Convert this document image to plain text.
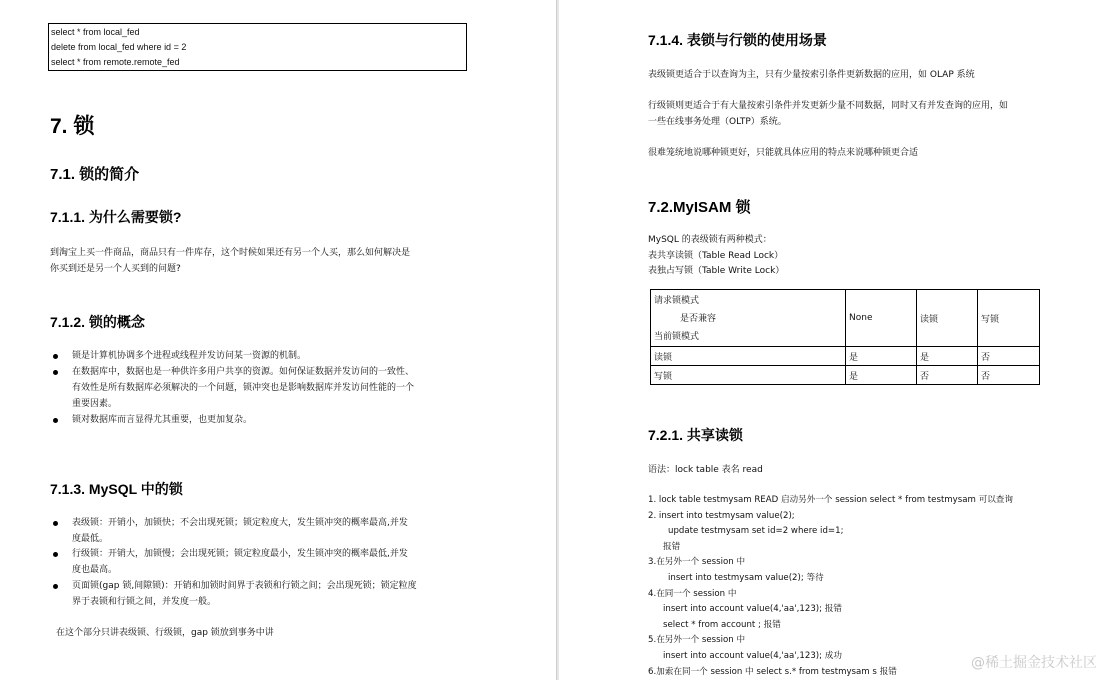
select * from local_fed
delete from local_fed where id = 2
select * from remote.remote_fed
7. 锁
7.1. 锁的简介
7.1.1. 为什么需要锁?
到淘宝上买一件商品，商品只有一件库存，这个时候如果还有另一个人买，那么如何解决是
你买到还是另一个人买到的问题?
7.1.2. 锁的概念
锁是计算机协调多个进程或线程并发访问某一资源的机制。
在数据库中，数据也是一种供许多用户共享的资源。如何保证数据并发访问的一致性、
有效性是所有数据库必须解决的一个问题，锁冲突也是影响数据库并发访问性能的一个
重要因素。
锁对数据库而言显得尤其重要，也更加复杂。
7.1.3. MySQL 中的锁
表级锁：开销小，加锁快；不会出现死锁；锁定粒度大，发生锁冲突的概率最高,并发
度最低。
行级锁：开销大，加锁慢；会出现死锁；锁定粒度最小，发生锁冲突的概率最低,并发
度也最高。
页面锁(gap 锁,间隙锁)：开销和加锁时间界于表锁和行锁之间；会出现死锁；锁定粒度
界于表锁和行锁之间，并发度一般。
在这个部分只讲表级锁、行级锁，gap 锁放到事务中讲
7.1.4. 表锁与行锁的使用场景
表级锁更适合于以查询为主，只有少量按索引条件更新数据的应用，如 OLAP 系统
行级锁则更适合于有大量按索引条件并发更新少量不同数据，同时又有并发查询的应用，如
一些在线事务处理（OLTP）系统。
很难笼统地说哪种锁更好，只能就具体应用的特点来说哪种锁更合适
7.2.MyISAM 锁
MySQL 的表级锁有两种模式：
表共享读锁（Table Read Lock）
表独占写锁（Table Write Lock）
请求锁模式
是否兼容
当前锁模式	None	读锁	写锁
读锁	是	是	否
写锁	是	否	否
7.2.1. 共享读锁
语法：lock table 表名 read
1. lock table testmysam READ 启动另外一个 session select * from testmysam 可以查询
2. insert into testmysam value(2);
update testmysam set id=2 where id=1;
报错
3.在另外一个 session 中
insert into testmysam value(2); 等待
4.在同一个 session 中
insert into account value(4,'aa',123); 报错
select * from account ; 报错
5.在另外一个 session 中
insert into account value(4,'aa',123); 成功
6.加索在同一个 session 中 select s.* from testmysam s 报错
@稀土掘金技术社区
